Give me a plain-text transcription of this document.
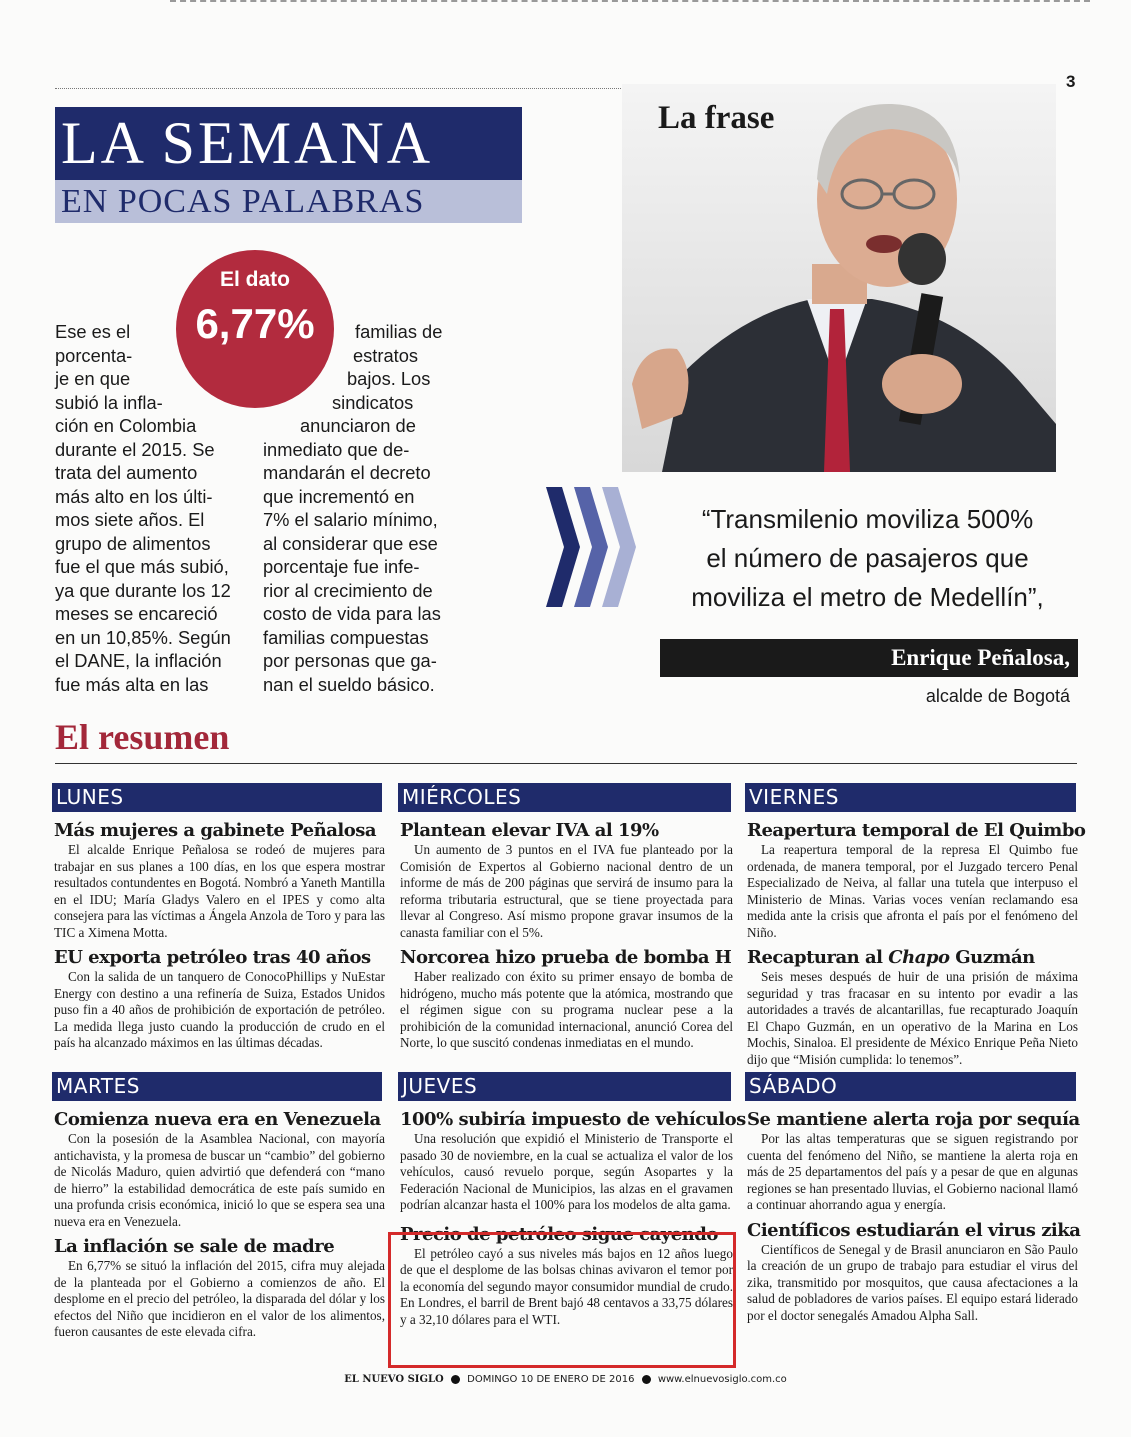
3
LA SEMANA
EN POCAS PALABRAS
La frase
El dato
6,77%
“Transmilenio moviliza 500%
el número de pasajeros que
moviliza el metro de Medellín”,
Enrique Peñalosa,
alcalde de Bogotá
El resumen
LUNES
Más mujeres a gabinete Peñalosa

El alcalde Enrique Peñalosa se rodeó de mujeres para trabajar en sus planes a 100 días, en los que espera mostrar resultados contundentes en Bogotá. Nombró a Yaneth Mantilla en el IDU; María Gladys Valero en el IPES y como alta consejera para las víctimas a Ángela Anzola de Toro y para las TIC a Ximena Motta.

EU exporta petróleo tras 40 años

Con la salida de un tanquero de ConocoPhillips y NuEstar Energy con destino a una refinería de Suiza, Estados Unidos puso fin a 40 años de prohibición de exportación de petróleo. La medida llega justo cuando la producción de crudo en el país ha alcanzado máximos en las últimas décadas.

MARTES
Comienza nueva era en Venezuela

Con la posesión de la Asamblea Nacional, con mayoría antichavista, y la promesa de buscar un “cambio” del gobierno de Nicolás Maduro, quien advirtió que defenderá con “mano de hierro” la estabilidad democrática de este país sumido en una profunda crisis económica, inició lo que se espera sea una nueva era en Venezuela.

La inflación se sale de madre

En 6,77% se situó la inflación del 2015, cifra muy alejada de la planteada por el Gobierno a comienzos de año. El desplome en el precio del petróleo, la disparada del dólar y los efectos del Niño que incidieron en el valor de los alimentos, fueron causantes de este elevada cifra.

MIÉRCOLES
Plantean elevar IVA al 19%

Un aumento de 3 puntos en el IVA fue planteado por la Comisión de Expertos al Gobierno nacional dentro de un informe de más de 200 páginas que servirá de insumo para la reforma tributaria estructural, que se tiene proyectada para llevar al Congreso. Así mismo propone gravar insumos de la canasta familiar con el 5%.

Norcorea hizo prueba de bomba H

Haber realizado con éxito su primer ensayo de bomba de hidrógeno, mucho más potente que la atómica, mostrando que el régimen sigue con su programa nuclear pese a la prohibición de la comunidad internacional, anunció Corea del Norte, lo que suscitó condenas inmediatas en el mundo.

JUEVES
100% subiría impuesto de vehículos

Una resolución que expidió el Ministerio de Transporte el pasado 30 de noviembre, en la cual se actualiza el valor de los vehículos, causó revuelo porque, según Asopartes y la Federación Nacional de Municipios, las alzas en el gravamen podrían alcanzar hasta el 100% para los modelos de alta gama.

Precio de petróleo sigue cayendo

El petróleo cayó a sus niveles más bajos en 12 años luego de que el desplome de las bolsas chinas avivaron el temor por la economía del segundo mayor consumidor mundial de crudo. En Londres, el barril de Brent bajó 48 centavos a 33,75 dólares y a 32,10 dólares para el WTI.

VIERNES
Reapertura temporal de El Quimbo

La reapertura temporal de la represa El Quimbo fue ordenada, de manera temporal, por el Juzgado tercero Penal Especializado de Neiva, al fallar una tutela que interpuso el Ministerio de Minas. Varias voces venían reclamando esa medida ante la crisis que afronta el país por el fenómeno del Niño.

Recapturan al Chapo Guzmán

Seis meses después de huir de una prisión de máxima seguridad y tras fracasar en su intento por evadir a las autoridades a través de alcantarillas, fue recapturado Joaquín El Chapo Guzmán, en un operativo de la Marina en Los Mochis, Sinaloa. El presidente de México Enrique Peña Nieto dijo que “Misión cumplida: lo tenemos”.

SÁBADO
Se mantiene alerta roja por sequía

Por las altas temperaturas que se siguen registrando por cuenta del fenómeno del Niño, se mantiene la alerta roja en más de 25 departamentos del país y a pesar de que en algunas regiones se han presentado lluvias, el Gobierno nacional llamó a continuar ahorrando agua y energía.

Científicos estudiarán el virus zika

Científicos de Senegal y de Brasil anunciaron en São Paulo la creación de un grupo de trabajo para estudiar el virus del zika, transmitido por mosquitos, que causa afectaciones a la salud de pobladores de varios países. El equipo estará liderado por el doctor senegalés Amadou Alpha Sall.

EL NUEVO SIGLO DOMINGO 10 DE ENERO DE 2016 www.elnuevosiglo.com.co
Ese es el
porcenta-
je en que
subió la infla-
ción en Colombia
durante el 2015. Se
trata del aumento
más alto en los últi-
mos siete años. El
grupo de alimentos
fue el que más subió,
ya que durante los 12
meses se encareció
en un 10,85%. Según
el DANE, la inflación
fue más alta en las
familias de
estratos
bajos. Los
sindicatos
anunciaron de
inmediato que de-
mandarán el decreto
que incrementó en
7% el salario mínimo,
al considerar que ese
porcentaje fue infe-
rior al crecimiento de
costo de vida para las
familias compuestas
por personas que ga-
nan el sueldo básico.
